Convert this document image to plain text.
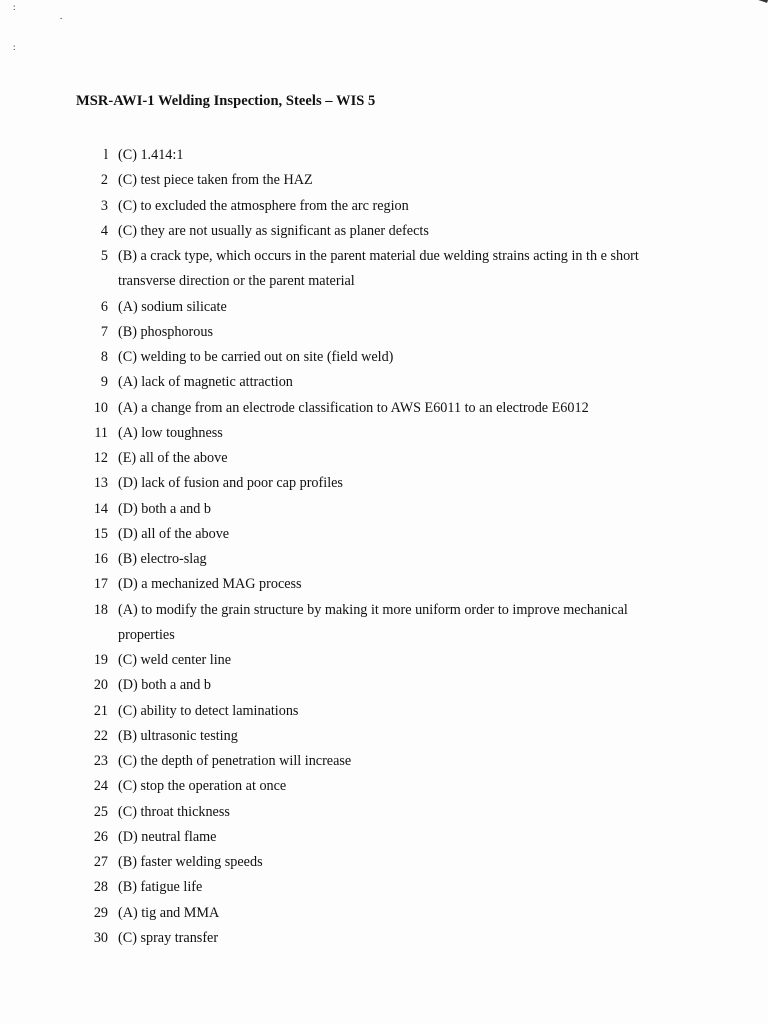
:
.
:
MSR-AWI-1 Welding Inspection, Steels – WIS 5
l (C) 1.414:1
2 (C) test piece taken from the HAZ
3 (C) to excluded the atmosphere from the arc region
4 (C) they are not usually as significant as planer defects
5 (B) a crack type, which occurs in the parent material due welding strains acting in th e short transverse direction or the parent material
6 (A) sodium silicate
7 (B) phosphorous
8 (C) welding to be carried out on site (field weld)
9 (A) lack of magnetic attraction
10 (A) a change from an electrode classification to AWS E6011 to an electrode E6012
11 (A) low toughness
12 (E) all of the above
13 (D) lack of fusion and poor cap profiles
14 (D) both a and b
15 (D) all of the above
16 (B) electro-slag
17 (D) a mechanized MAG process
18 (A) to modify the grain structure by making it more uniform order to improve mechanical properties
19 (C) weld center line
20 (D) both a and b
21 (C) ability to detect laminations
22 (B) ultrasonic testing
23 (C) the depth of penetration will increase
24 (C) stop the operation at once
25 (C) throat thickness
26 (D) neutral flame
27 (B) faster welding speeds
28 (B) fatigue life
29 (A) tig and MMA
30 (C) spray transfer
